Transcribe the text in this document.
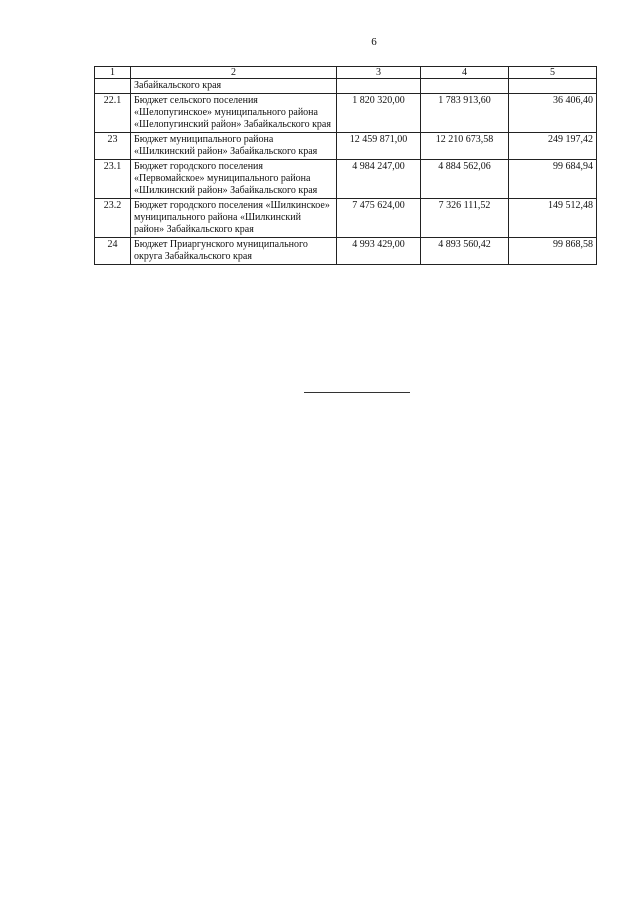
6
1	2	3	4	5
	Забайкальского края			
22.1	Бюджет сельского поселения «Шелопугинское» муниципального района «Шелопугинский район» Забайкальского края	1 820 320,00	1 783 913,60	36 406,40
23	Бюджет муниципального района «Шилкинский район» Забайкальского края	12 459 871,00	12 210 673,58	249 197,42
23.1	Бюджет городского поселения «Первомайское» муниципального района «Шилкинский район» Забайкальского края	4 984 247,00	4 884 562,06	99 684,94
23.2	Бюджет городского поселения «Шилкинское» муниципального района «Шилкинский район» Забайкальского края	7 475 624,00	7 326 111,52	149 512,48
24	Бюджет Приаргунского муниципального округа Забайкальского края	4 993 429,00	4 893 560,42	99 868,58
